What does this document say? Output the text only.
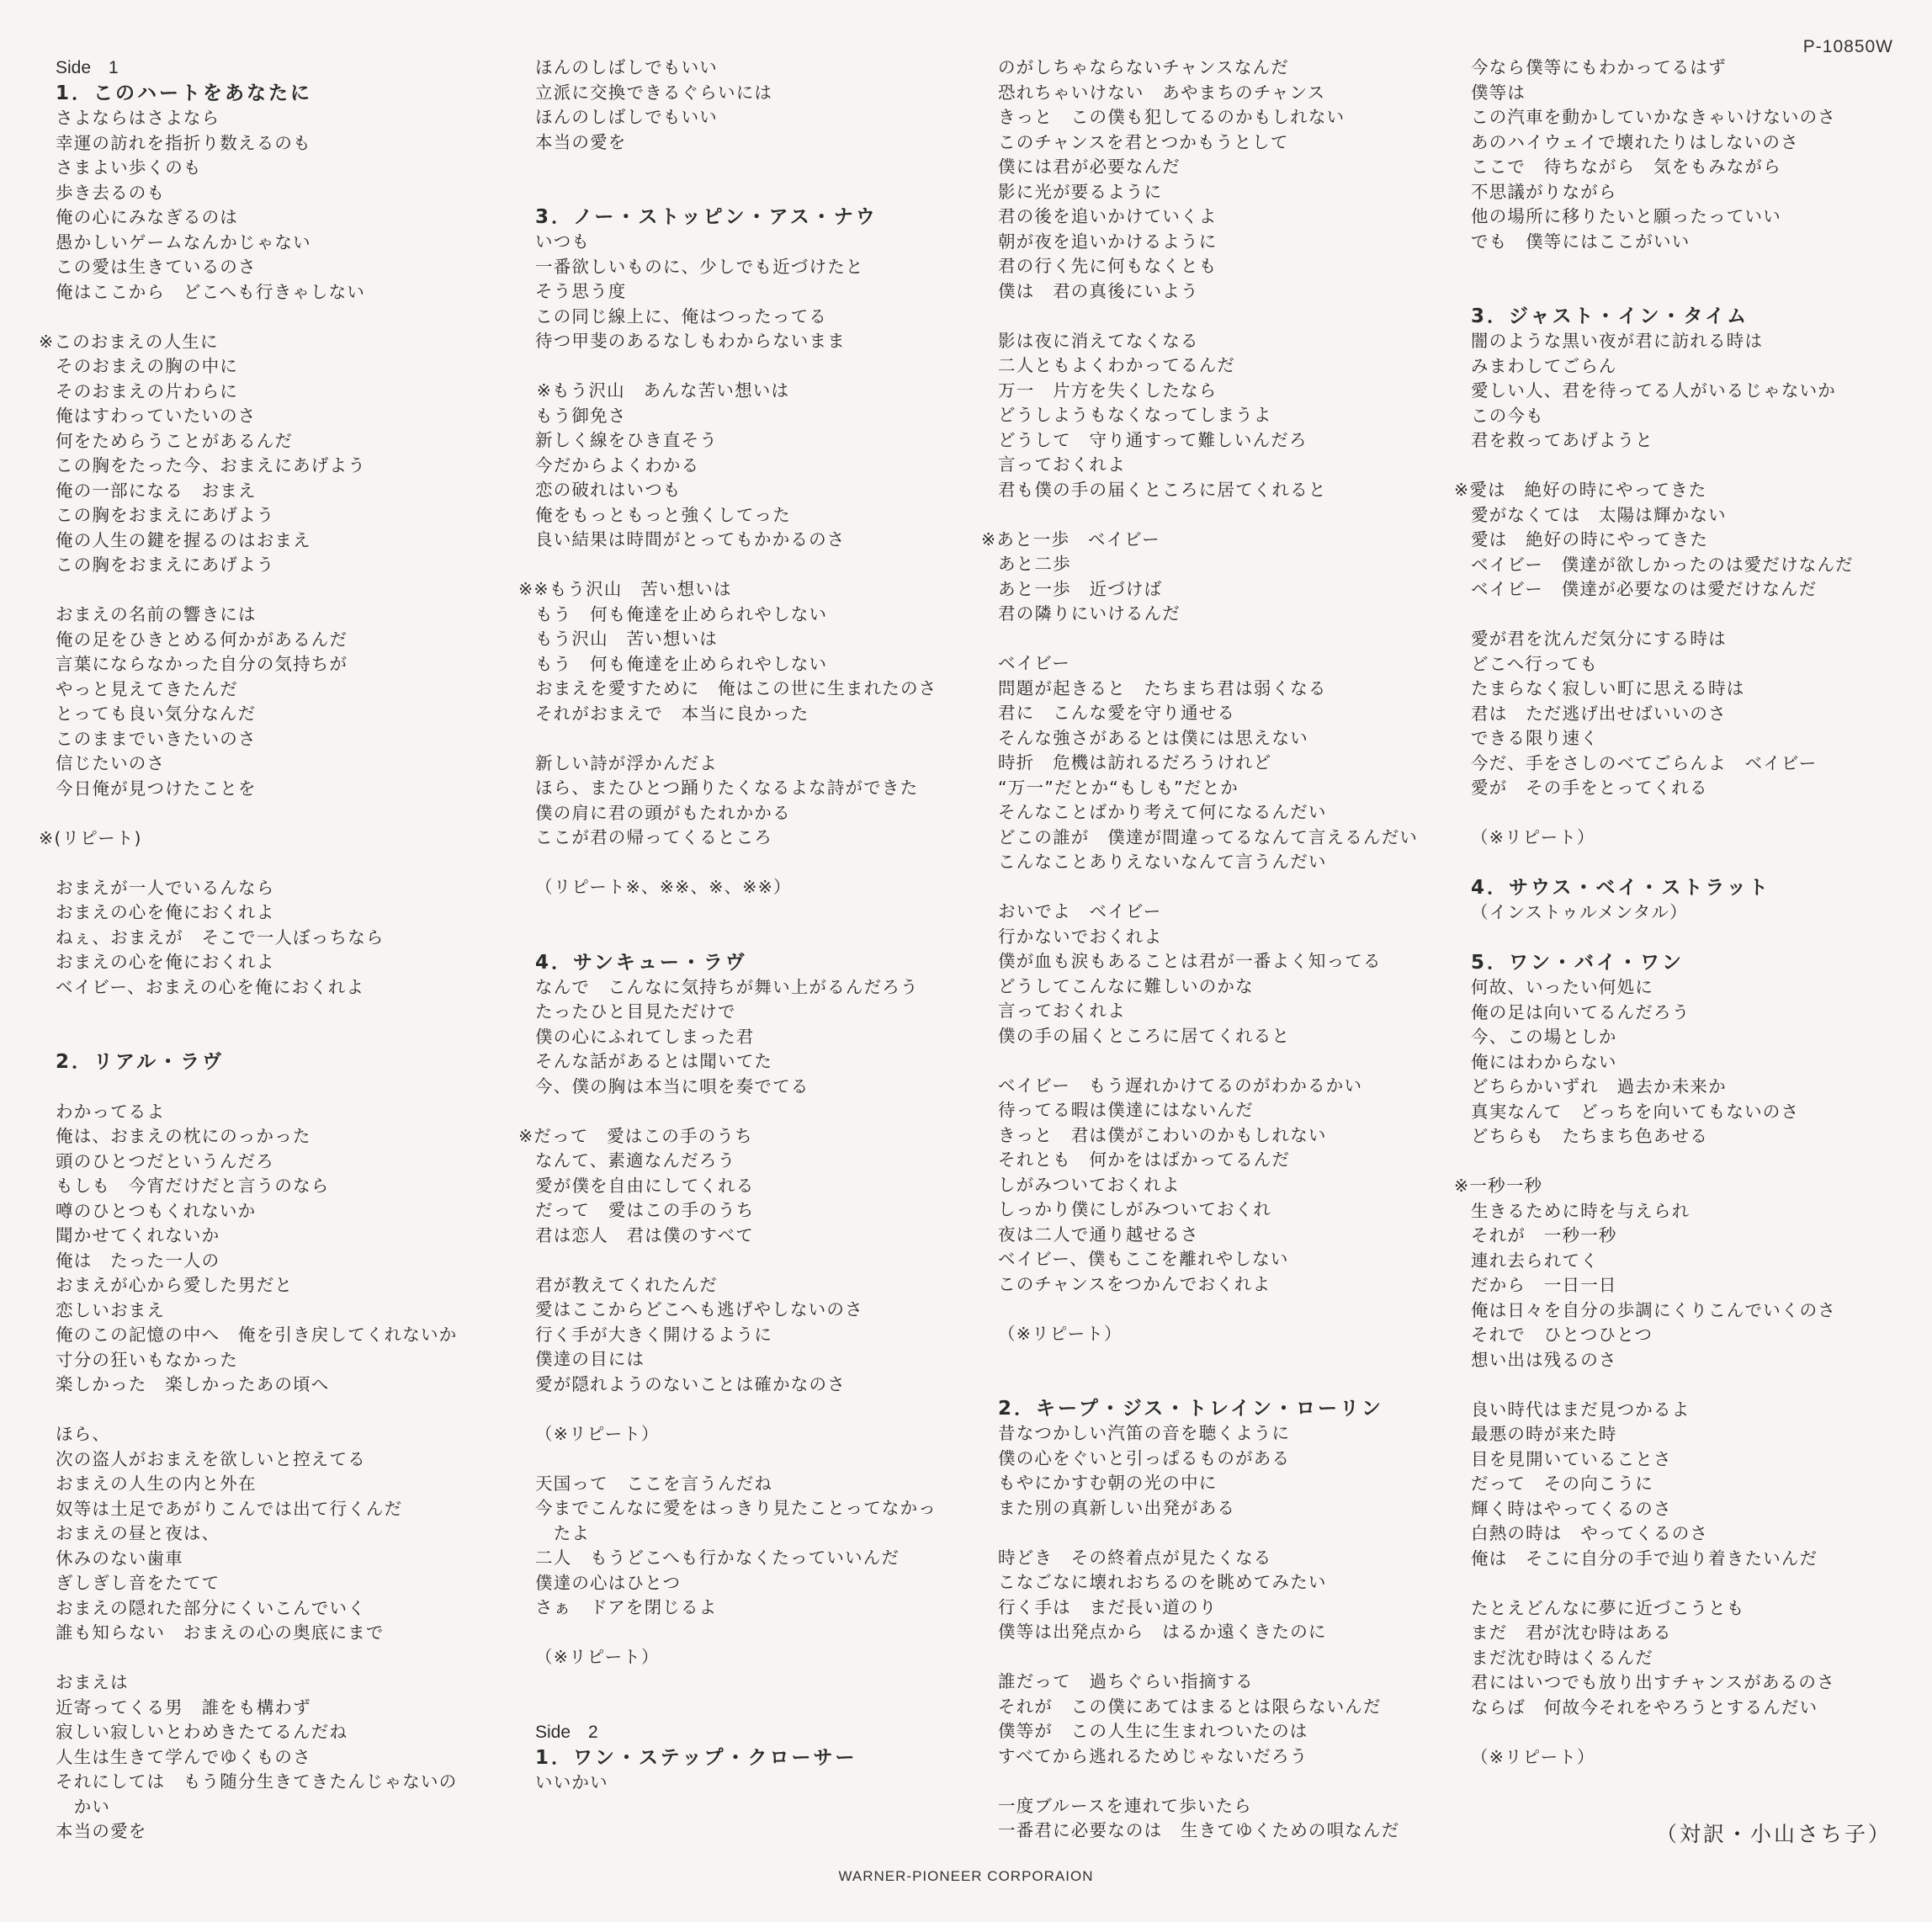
P-10850W
Side　1
1．このハートをあなたに
さよならはさよなら
幸運の訪れを指折り数えるのも
さまよい歩くのも
歩き去るのも
俺の心にみなぎるのは
愚かしいゲームなんかじゃない
この愛は生きているのさ
俺はここから　どこへも行きゃしない
※このおまえの人生に
そのおまえの胸の中に
そのおまえの片わらに
俺はすわっていたいのさ
何をためらうことがあるんだ
この胸をたった今、おまえにあげよう
俺の一部になる　おまえ
この胸をおまえにあげよう
俺の人生の鍵を握るのはおまえ
この胸をおまえにあげよう
おまえの名前の響きには
俺の足をひきとめる何かがあるんだ
言葉にならなかった自分の気持ちが
やっと見えてきたんだ
とっても良い気分なんだ
このままでいきたいのさ
信じたいのさ
今日俺が見つけたことを
※(リピート)
おまえが一人でいるんなら
おまえの心を俺におくれよ
ねぇ、おまえが　そこで一人ぼっちなら
おまえの心を俺におくれよ
ベイビー、おまえの心を俺におくれよ
2．リアル・ラヴ
わかってるよ
俺は、おまえの枕にのっかった
頭のひとつだというんだろ
もしも　今宵だけだと言うのなら
噂のひとつもくれないか
聞かせてくれないか
俺は　たった一人の
おまえが心から愛した男だと
恋しいおまえ
俺のこの記憶の中へ　俺を引き戻してくれないか
寸分の狂いもなかった
楽しかった　楽しかったあの頃へ
ほら、
次の盗人がおまえを欲しいと控えてる
おまえの人生の内と外在
奴等は土足であがりこんでは出て行くんだ
おまえの昼と夜は、
休みのない歯車
ぎしぎし音をたてて
おまえの隠れた部分にくいこんでいく
誰も知らない　おまえの心の奥底にまで
おまえは
近寄ってくる男　誰をも構わず
寂しい寂しいとわめきたてるんだね
人生は生きて学んでゆくものさ
それにしては　もう随分生きてきたんじゃないの
　かい
本当の愛を
ほんのしばしでもいい
立派に交換できるぐらいには
ほんのしばしでもいい
本当の愛を
3．ノー・ストッピン・アス・ナウ
いつも
一番欲しいものに、少しでも近づけたと
そう思う度
この同じ線上に、俺はつったってる
待つ甲斐のあるなしもわからないまま
　※もう沢山　あんな苦い想いは
もう御免さ
新しく線をひき直そう
今だからよくわかる
恋の破れはいつも
俺をもっともっと強くしてった
良い結果は時間がとってもかかるのさ
※※もう沢山　苦い想いは
もう　何も俺達を止められやしない
もう沢山　苦い想いは
もう　何も俺達を止められやしない
おまえを愛すために　俺はこの世に生まれたのさ
それがおまえで　本当に良かった
新しい詩が浮かんだよ
ほら、またひとつ踊りたくなるよな詩ができた
僕の肩に君の頭がもたれかかる
ここが君の帰ってくるところ
（リピート※、※※、※、※※）
4．サンキュー・ラヴ
なんで　こんなに気持ちが舞い上がるんだろう
たったひと目見ただけで
僕の心にふれてしまった君
そんな話があるとは聞いてた
今、僕の胸は本当に唄を奏でてる
※だって　愛はこの手のうち
なんて、素適なんだろう
愛が僕を自由にしてくれる
だって　愛はこの手のうち
君は恋人　君は僕のすべて
君が教えてくれたんだ
愛はここからどこへも逃げやしないのさ
行く手が大きく開けるように
僕達の目には
愛が隠れようのないことは確かなのさ
（※リピート）
天国って　ここを言うんだね
今までこんなに愛をはっきり見たことってなかっ
　たよ
二人　もうどこへも行かなくたっていいんだ
僕達の心はひとつ
さぁ　ドアを閉じるよ
（※リピート）
Side　2
1．ワン・ステップ・クローサー
いいかい
のがしちゃならないチャンスなんだ
恐れちゃいけない　あやまちのチャンス
きっと　この僕も犯してるのかもしれない
このチャンスを君とつかもうとして
僕には君が必要なんだ
影に光が要るように
君の後を追いかけていくよ
朝が夜を追いかけるように
君の行く先に何もなくとも
僕は　君の真後にいよう
影は夜に消えてなくなる
二人ともよくわかってるんだ
万一　片方を失くしたなら
どうしようもなくなってしまうよ
どうして　守り通すって難しいんだろ
言っておくれよ
君も僕の手の届くところに居てくれると
※あと一歩　ベイビー
あと二歩
あと一歩　近づけば
君の隣りにいけるんだ
ベイビー
問題が起きると　たちまち君は弱くなる
君に　こんな愛を守り通せる
そんな強さがあるとは僕には思えない
時折　危機は訪れるだろうけれど
“万一”だとか“もしも”だとか
そんなことばかり考えて何になるんだい
どこの誰が　僕達が間違ってるなんて言えるんだい
こんなことありえないなんて言うんだい
おいでよ　ベイビー
行かないでおくれよ
僕が血も涙もあることは君が一番よく知ってる
どうしてこんなに難しいのかな
言っておくれよ
僕の手の届くところに居てくれると
ベイビー　もう遅れかけてるのがわかるかい
待ってる暇は僕達にはないんだ
きっと　君は僕がこわいのかもしれない
それとも　何かをはばかってるんだ
しがみついておくれよ
しっかり僕にしがみついておくれ
夜は二人で通り越せるさ
ベイビー、僕もここを離れやしない
このチャンスをつかんでおくれよ
（※リピート）
2．キープ・ジス・トレイン・ローリン
昔なつかしい汽笛の音を聴くように
僕の心をぐいと引っぱるものがある
もやにかすむ朝の光の中に
また別の真新しい出発がある
時どき　その終着点が見たくなる
こなごなに壊れおちるのを眺めてみたい
行く手は　まだ長い道のり
僕等は出発点から　はるか遠くきたのに
誰だって　過ちぐらい指摘する
それが　この僕にあてはまるとは限らないんだ
僕等が　この人生に生まれついたのは
すべてから逃れるためじゃないだろう
一度ブルースを連れて歩いたら
一番君に必要なのは　生きてゆくための唄なんだ
今なら僕等にもわかってるはず
僕等は
この汽車を動かしていかなきゃいけないのさ
あのハイウェイで壊れたりはしないのさ
ここで　待ちながら　気をもみながら
不思議がりながら
他の場所に移りたいと願ったっていい
でも　僕等にはここがいい
3．ジャスト・イン・タイム
闇のような黒い夜が君に訪れる時は
みまわしてごらん
愛しい人、君を待ってる人がいるじゃないか
この今も
君を救ってあげようと
※愛は　絶好の時にやってきた
愛がなくては　太陽は輝かない
愛は　絶好の時にやってきた
ベイビー　僕達が欲しかったのは愛だけなんだ
ベイビー　僕達が必要なのは愛だけなんだ
愛が君を沈んだ気分にする時は
どこへ行っても
たまらなく寂しい町に思える時は
君は　ただ逃げ出せばいいのさ
できる限り速く
今だ、手をさしのべてごらんよ　ベイビー
愛が　その手をとってくれる
（※リピート）
4．サウス・ベイ・ストラット
（インストゥルメンタル）
5．ワン・バイ・ワン
何故、いったい何処に
俺の足は向いてるんだろう
今、この場としか
俺にはわからない
どちらかいずれ　過去か未来か
真実なんて　どっちを向いてもないのさ
どちらも　たちまち色あせる
※一秒一秒
生きるために時を与えられ
それが　一秒一秒
連れ去られてく
だから　一日一日
俺は日々を自分の歩調にくりこんでいくのさ
それで　ひとつひとつ
想い出は残るのさ
良い時代はまだ見つかるよ
最悪の時が来た時
目を見開いていることさ
だって　その向こうに
輝く時はやってくるのさ
白熱の時は　やってくるのさ
俺は　そこに自分の手で辿り着きたいんだ
たとえどんなに夢に近づこうとも
まだ　君が沈む時はある
まだ沈む時はくるんだ
君にはいつでも放り出すチャンスがあるのさ
ならば　何故今それをやろうとするんだい
（※リピート）
（対訳・小山さち子）
WARNER-PIONEER CORPORAION
